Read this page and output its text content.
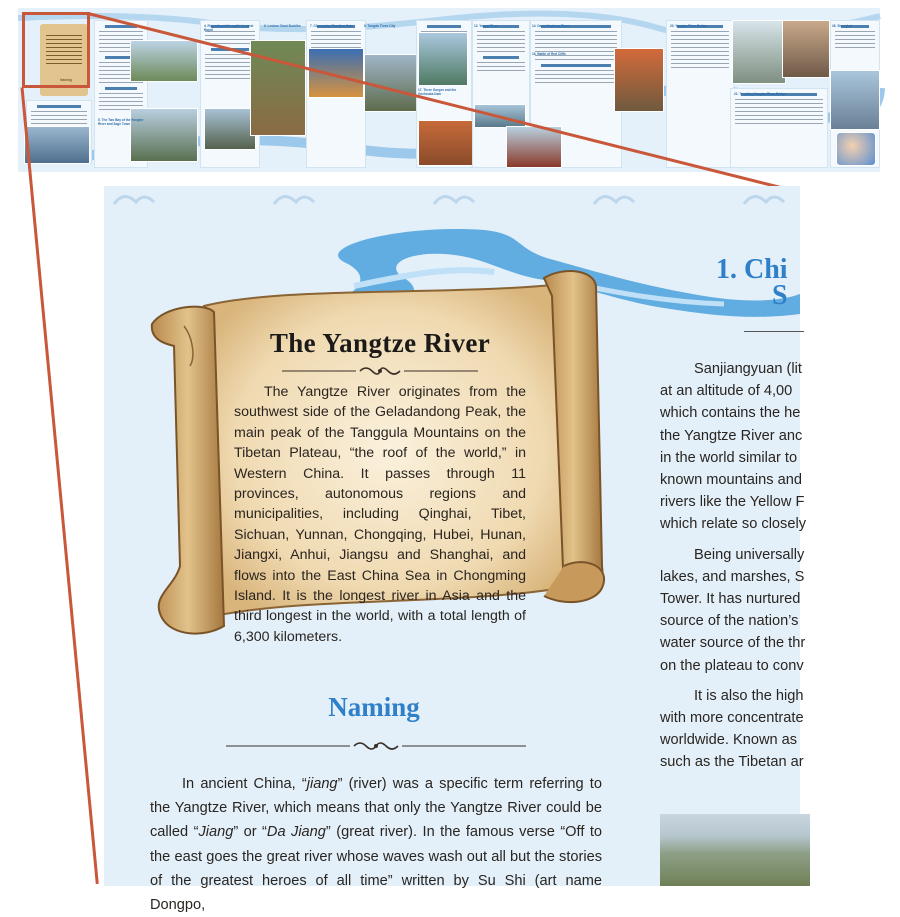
1. Chi
S

Sanjiangyuan (lit

at an altitude of 4,00

which contains the he

the Yangtze River anc

in the world similar to

known mountains and

rivers like the Yellow F

which relate so closely

Being universally

lakes, and marshes, S

Tower. It has nurtured

source of the nation’s

water source of the thr

on the plateau to conv

It is also the high

with more concentrate

worldwide. Known as

such as the Tibetan ar

The Yangtze River
The Yangtze River originates from the southwest side of the Geladandong Peak, the main peak of the Tanggula Mountains on the Tibetan Plateau, “the roof of the world,” in Western China. It passes through 11 provinces, autonomous regions and municipalities, including Qinghai, Tibet, Sichuan, Yunnan, Chongqing, Hubei, Hunan, Jiangxi, Anhui, Jiangsu and Shanghai, and flows into the East China Sea in Chongming Island. It is the longest river in Asia and the third longest in the world, with a total length of 6,300 kilometers.
Naming
In ancient China, “jiang” (river) was a specific term referring to the Yangtze River, which means that only the Yangtze River could be called “Jiang” or “Da Jiang” (great river). In the famous verse “Off to the east goes the great river whose waves wash out all but the stories of the greatest heroes of all time” written by Su Shi (art name Dongpo,
Naming
5. The Two Bay of the Yangtze River and Sage Town
4. Ring of world's reptile Largest Rapid
6. Leshan Giant Buddha	7. Chongqing Chaotian Gate	8. Tongda Three City	12. Yangzi River	14. Dawy Haghang River
16. Battle of Red Cliffs
17. Three Gorges and the Gezhouba Dam
20. Yangtze River Bridge
22. Tengking Yangtze River Bridge
26. Shanghai
